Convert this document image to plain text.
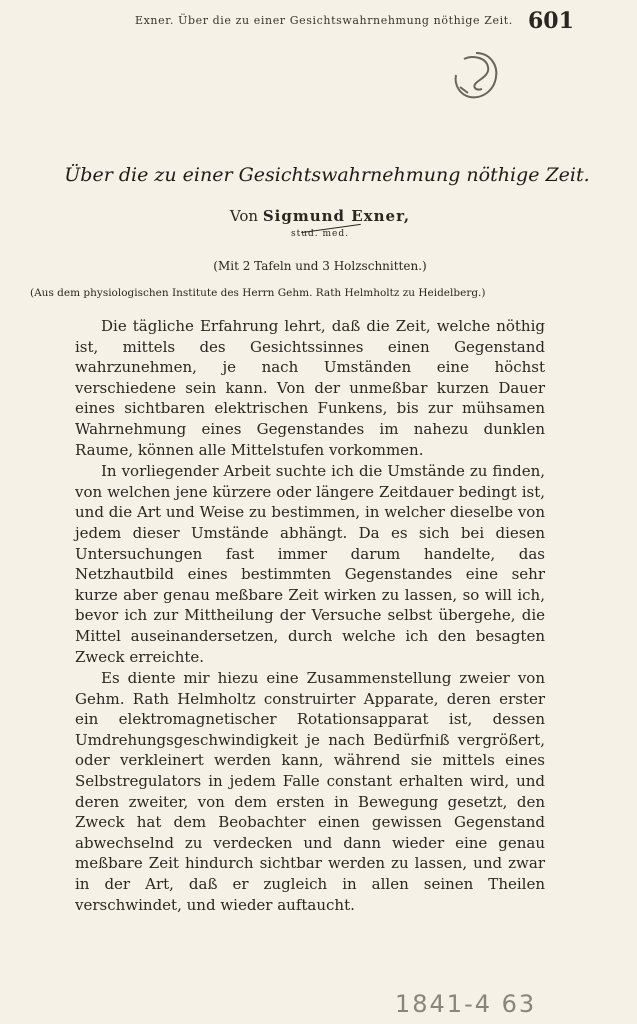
Exner. Über die zu einer Gesichtswahrnehmung nöthige Zeit. 601
Über die zu einer Gesichtswahrnehmung nöthige Zeit.
Von Sigmund Exner,
stud. med.
(Mit 2 Tafeln und 3 Holzschnitten.)
(Aus dem physiologischen Institute des Herrn Gehm. Rath Helmholtz zu Heidelberg.)

Die tägliche Erfahrung lehrt, daß die Zeit, welche nöthig ist, mittels des Gesichtssinnes einen Gegenstand wahrzunehmen, je nach Umständen eine höchst verschiedene sein kann. Von der unmeßbar kurzen Dauer eines sichtbaren elektrischen Funkens, bis zur mühsamen Wahrnehmung eines Gegenstandes im nahezu dunklen Raume, können alle Mittelstufen vorkommen.

In vorliegender Arbeit suchte ich die Umstände zu finden, von welchen jene kürzere oder längere Zeitdauer bedingt ist, und die Art und Weise zu bestimmen, in welcher dieselbe von jedem dieser Umstände abhängt. Da es sich bei diesen Untersuchungen fast immer darum handelte, das Netzhautbild eines bestimmten Gegenstandes eine sehr kurze aber genau meßbare Zeit wirken zu lassen, so will ich, bevor ich zur Mittheilung der Versuche selbst übergehe, die Mittel auseinandersetzen, durch welche ich den besagten Zweck erreichte.

Es diente mir hiezu eine Zusammenstellung zweier von Gehm. Rath Helmholtz construirter Apparate, deren erster ein elektromagnetischer Rotationsapparat ist, dessen Umdrehungsgeschwindigkeit je nach Bedürfniß vergrößert, oder verkleinert werden kann, während sie mittels eines Selbstregulators in jedem Falle constant erhalten wird, und deren zweiter, von dem ersten in Bewegung gesetzt, den Zweck hat dem Beobachter einen gewissen Gegenstand abwechselnd zu verdecken und dann wieder eine genau meßbare Zeit hindurch sichtbar werden zu lassen, und zwar in der Art, daß er zugleich in allen seinen Theilen verschwindet, und wieder auftaucht.

1841-4 63
